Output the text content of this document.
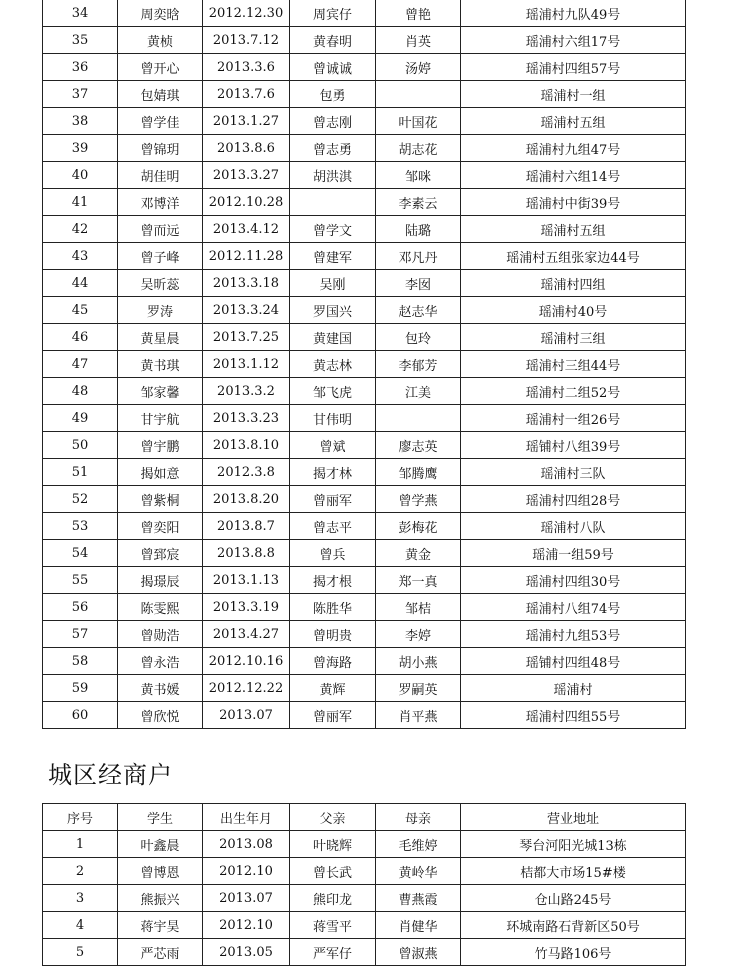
34	周奕晗	2012.12.30	周宾仔	曾艳	瑶浦村九队49号
35	黄桢	2013.7.12	黄春明	肖英	瑶浦村六组17号
36	曾开心	2013.3.6	曾诚诚	汤婷	瑶浦村四组57号
37	包婧琪	2013.7.6	包勇		瑶浦村一组
38	曾学佳	2013.1.27	曾志刚	叶国花	瑶浦村五组
39	曾锦玥	2013.8.6	曾志勇	胡志花	瑶浦村九组47号
40	胡佳明	2013.3.27	胡洪淇	邹咪	瑶浦村六组14号
41	邓博洋	2012.10.28		李素云	瑶浦村中街39号
42	曾而远	2013.4.12	曾学文	陆璐	瑶浦村五组
43	曾子峰	2012.11.28	曾建军	邓凡丹	瑶浦村五组张家边44号
44	吴昕蕊	2013.3.18	吴刚	李囡	瑶浦村四组
45	罗涛	2013.3.24	罗国兴	赵志华	瑶浦村40号
46	黄星晨	2013.7.25	黄建国	包玲	瑶浦村三组
47	黄书琪	2013.1.12	黄志林	李郁芳	瑶浦村三组44号
48	邹家馨	2013.3.2	邹飞虎	江美	瑶浦村二组52号
49	甘宇航	2013.3.23	甘伟明		瑶浦村一组26号
50	曾宇鹏	2013.8.10	曾斌	廖志英	瑶铺村八组39号
51	揭如意	2012.3.8	揭才林	邹腾鹰	瑶浦村三队
52	曾紫桐	2013.8.20	曾丽军	曾学燕	瑶浦村四组28号
53	曾奕阳	2013.8.7	曾志平	彭梅花	瑶浦村八队
54	曾郅宸	2013.8.8	曾兵	黄金	瑶浦一组59号
55	揭璟辰	2013.1.13	揭才根	郑一真	瑶浦村四组30号
56	陈雯熙	2013.3.19	陈胜华	邹桔	瑶浦村八组74号
57	曾勋浩	2013.4.27	曾明贵	李婷	瑶浦村九组53号
58	曾永浩	2012.10.16	曾海路	胡小燕	瑶铺村四组48号
59	黄书媛	2012.12.22	黄辉	罗嗣英	瑶浦村
60	曾欣悦	2013.07	曾丽军	肖平燕	瑶浦村四组55号
城区经商户
序号	学生	出生年月	父亲	母亲	营业地址
1	叶鑫晨	2013.08	叶晓辉	毛维婷	琴台河阳光城13栋
2	曾博恩	2012.10	曾长武	黄岭华	桔都大市场15#楼
3	熊振兴	2013.07	熊印龙	曹燕霞	仓山路245号
4	蒋宇昊	2012.10	蒋雪平	肖健华	环城南路石背新区50号
5	严芯雨	2013.05	严军仔	曾淑燕	竹马路106号
